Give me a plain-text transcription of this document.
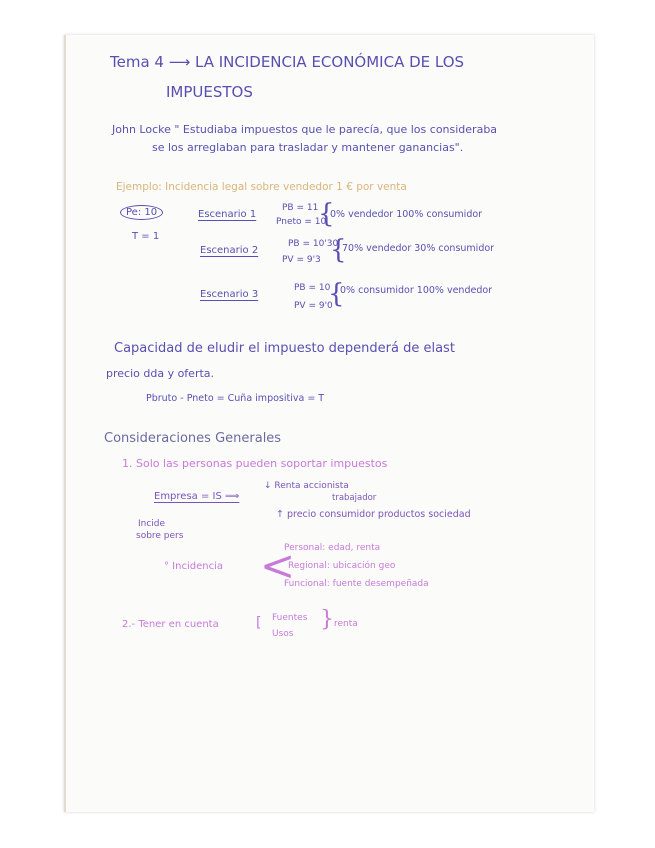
Tema 4 ⟶ LA INCIDENCIA ECONÓMICA DE LOS
IMPUESTOS
John Locke " Estudiaba impuestos que le parecía, que los consideraba
se los arreglaban para trasladar y mantener ganancias".
Ejemplo: Incidencia legal sobre vendedor 1 € por venta
Pe: 10
T = 1
Escenario 1
PB = 11
Pneto = 10
{
0% vendedor 100% consumidor
Escenario 2
PB = 10'30
PV = 9'3 {
70% vendedor 30% consumidor
Escenario 3
PB = 10
PV = 9'0
{
0% consumidor 100% vendedor
Capacidad de eludir el impuesto dependerá de elast
precio dda y oferta.
Pbruto - Pneto = Cuña impositiva = T
Consideraciones Generales
1. Solo las personas pueden soportar impuestos
Empresa = IS ⟹
↓ Renta accionista
trabajador
↑ precio consumidor productos sociedad
Incide
sobre pers
° Incidencia <
Personal: edad, renta
Regional: ubicación geo
Funcional: fuente desempeñada
2.- Tener en cuenta	[ Fuentes
Usos
} renta
